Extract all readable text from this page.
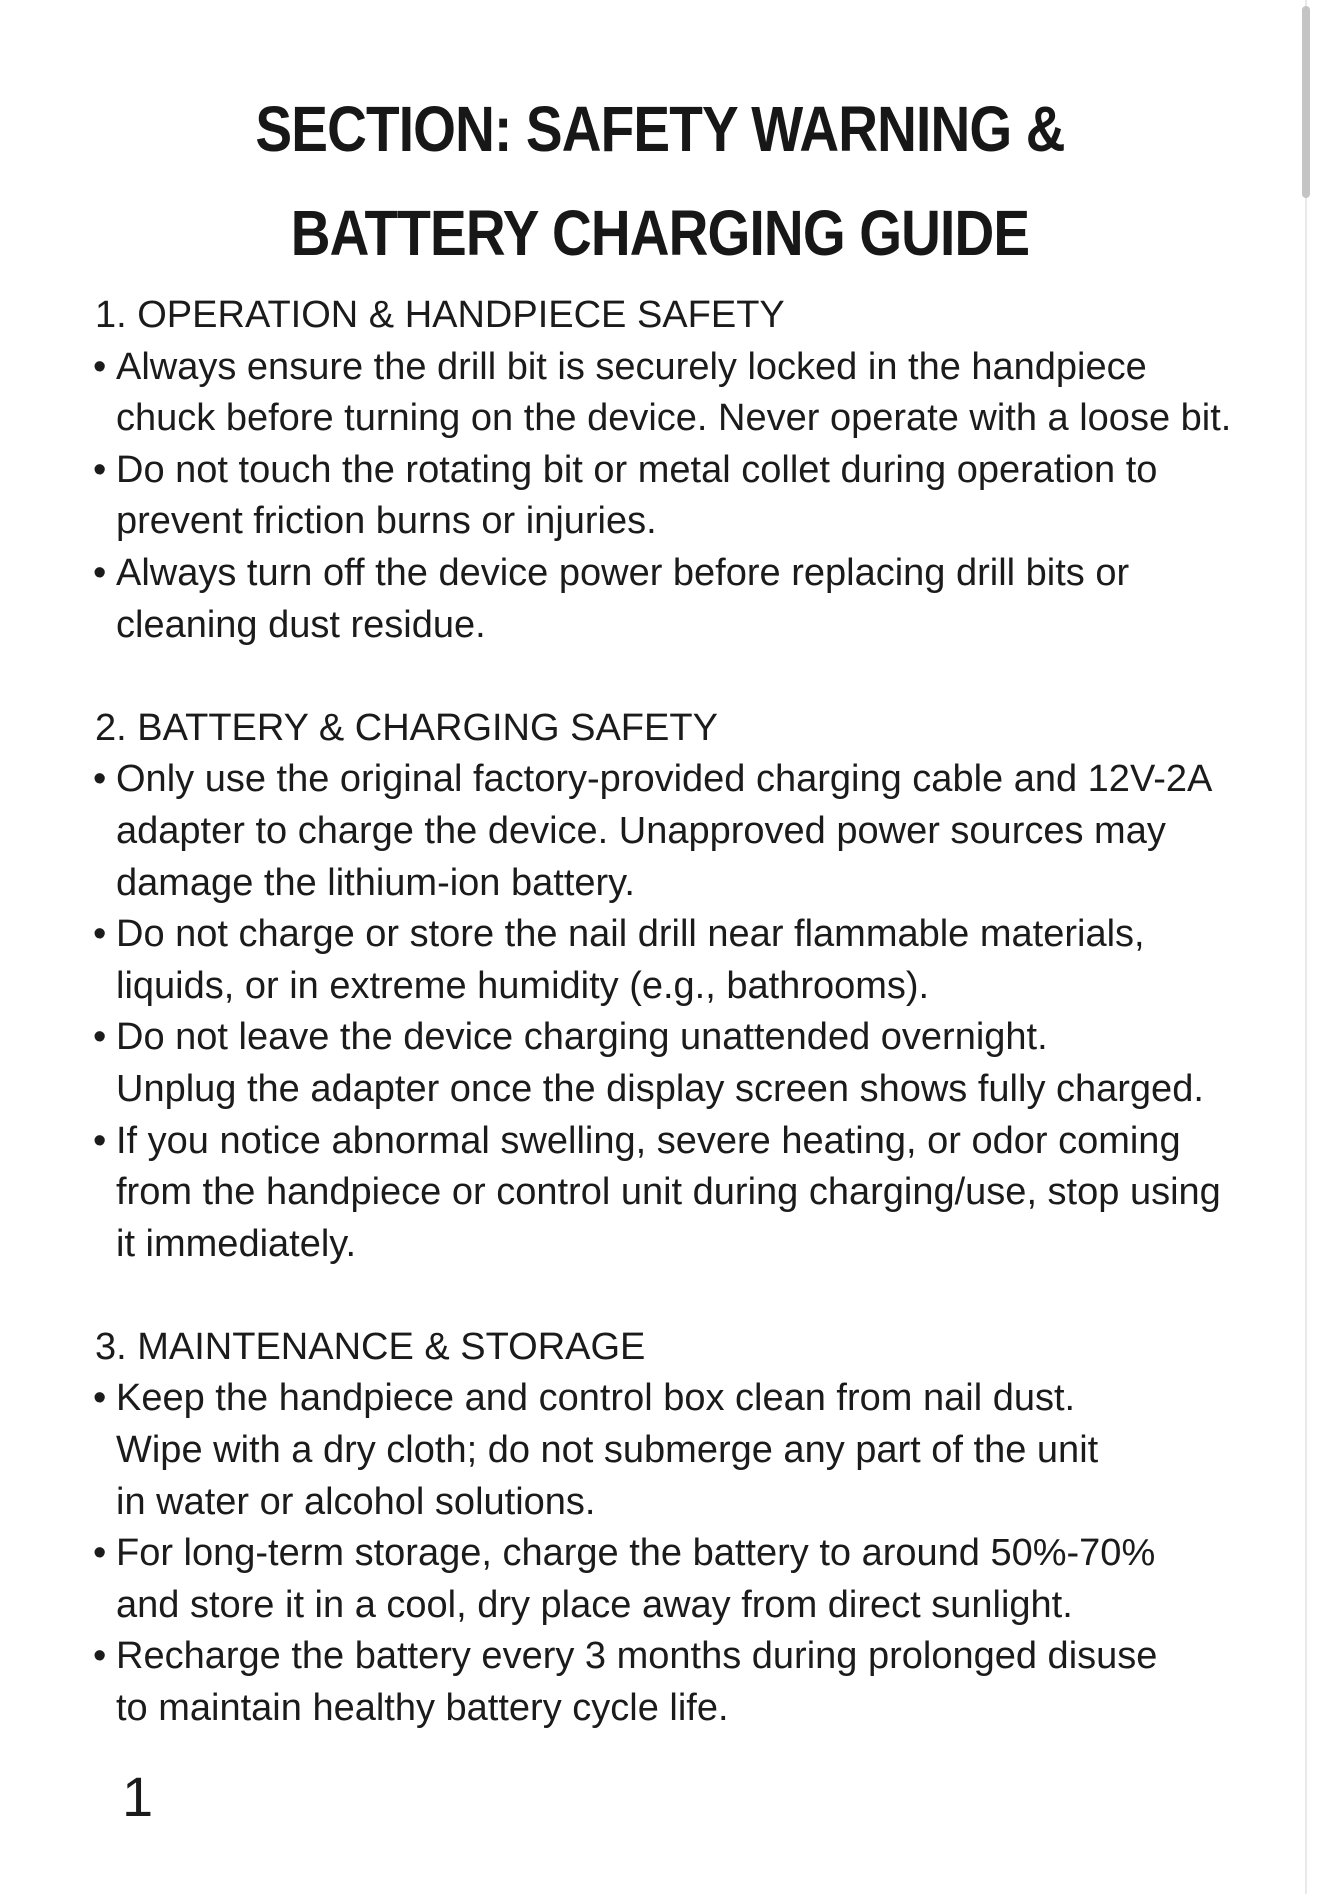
SECTION: SAFETY WARNING &
BATTERY CHARGING GUIDE
1. OPERATION & HANDPIECE SAFETY
• Always ensure the drill bit is securely locked in the handpiece
chuck before turning on the device. Never operate with a loose bit.
• Do not touch the rotating bit or metal collet during operation to
prevent friction burns or injuries.
• Always turn off the device power before replacing drill bits or
cleaning dust residue.
2. BATTERY & CHARGING SAFETY
• Only use the original factory-provided charging cable and 12V-2A
adapter to charge the device. Unapproved power sources may
damage the lithium-ion battery.
• Do not charge or store the nail drill near flammable materials,
liquids, or in extreme humidity (e.g., bathrooms).
• Do not leave the device charging unattended overnight.
Unplug the adapter once the display screen shows fully charged.
• If you notice abnormal swelling, severe heating, or odor coming
from the handpiece or control unit during charging/use, stop using
it immediately.
3. MAINTENANCE & STORAGE
• Keep the handpiece and control box clean from nail dust.
Wipe with a dry cloth; do not submerge any part of the unit
in water or alcohol solutions.
• For long-term storage, charge the battery to around 50%-70%
and store it in a cool, dry place away from direct sunlight.
• Recharge the battery every 3 months during prolonged disuse
to maintain healthy battery cycle life.
1
